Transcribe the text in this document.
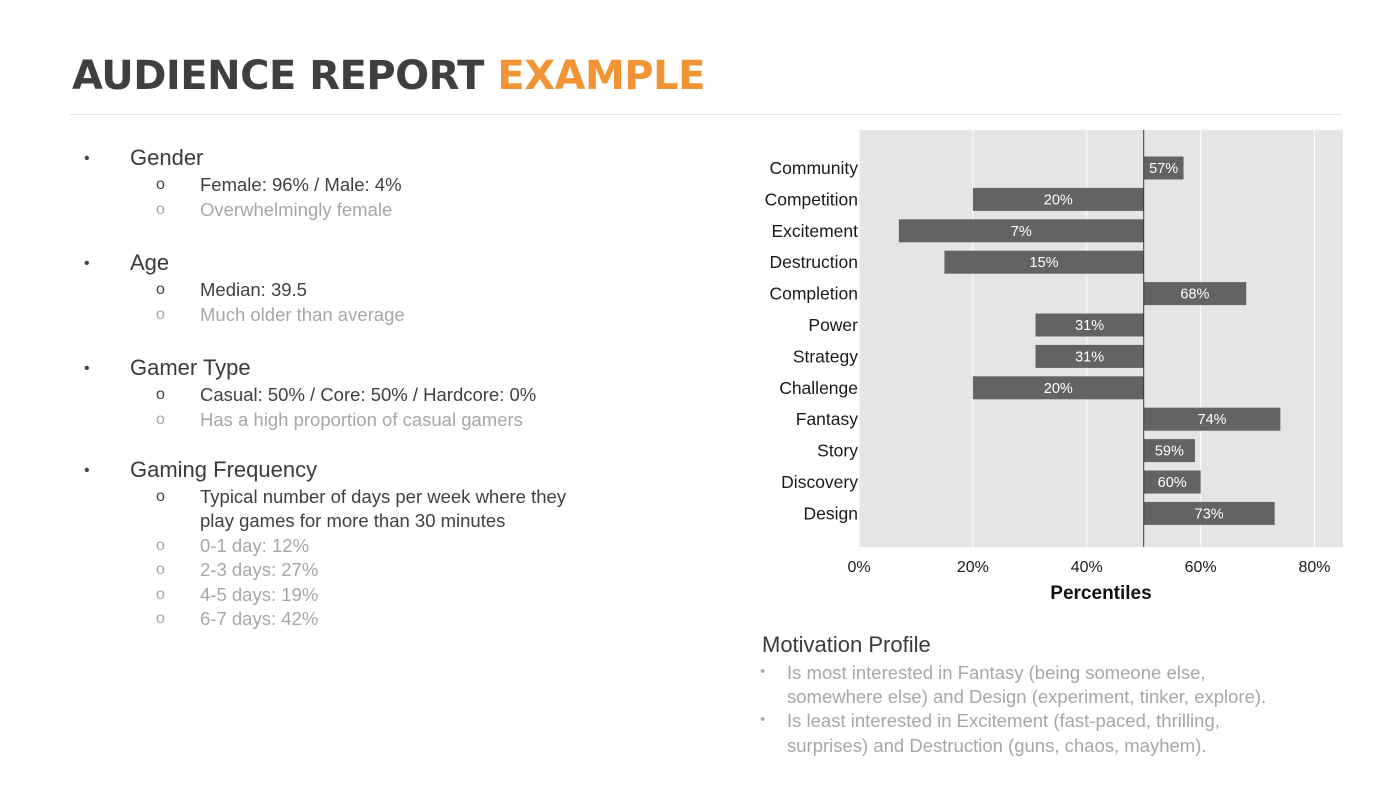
AUDIENCE REPORT EXAMPLE
• Gender
o Female: 96% / Male: 4%
o Overwhelmingly female
• Age
o Median: 39.5
o Much older than average
• Gamer Type
o Casual: 50% / Core: 50% / Hardcore: 0%
o Has a high proportion of casual gamers
• Gaming Frequency
o Typical number of days per week where they
play games for more than 30 minutes
o 0-1 day: 12%
o 2-3 days: 27%
o 4-5 days: 19%
o 6-7 days: 42%
57%
Community
20%
Competition
7%
Excitement
15%
Destruction
68%
Completion
31%
Power
31%
Strategy
20%
Challenge
74%
Fantasy
59%
Story
60%
Discovery
73%
Design
0%	20%	40%	60%	80%
Percentiles
Motivation Profile
• Is most interested in Fantasy (being someone else,
somewhere else) and Design (experiment, tinker, explore).
• Is least interested in Excitement (fast-paced, thrilling,
surprises) and Destruction (guns, chaos, mayhem).
